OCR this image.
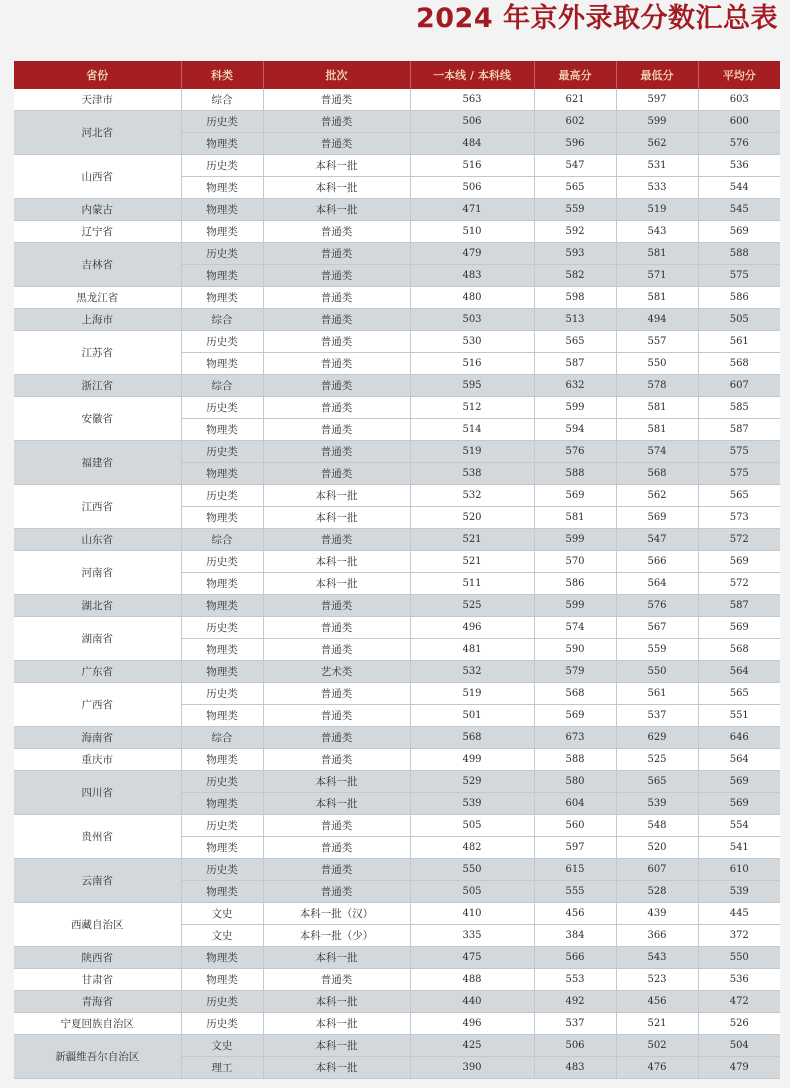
2024 年京外录取分数汇总表
省份	科类	批次	一本线 / 本科线	最高分	最低分	平均分
天津市	综合	普通类	563	621	597	603
河北省	历史类	普通类	506	602	599	600
	物理类	普通类	484	596	562	576
山西省	历史类	本科一批	516	547	531	536
	物理类	本科一批	506	565	533	544
内蒙古	物理类	本科一批	471	559	519	545
辽宁省	物理类	普通类	510	592	543	569
吉林省	历史类	普通类	479	593	581	588
	物理类	普通类	483	582	571	575
黑龙江省	物理类	普通类	480	598	581	586
上海市	综合	普通类	503	513	494	505
江苏省	历史类	普通类	530	565	557	561
	物理类	普通类	516	587	550	568
浙江省	综合	普通类	595	632	578	607
安徽省	历史类	普通类	512	599	581	585
	物理类	普通类	514	594	581	587
福建省	历史类	普通类	519	576	574	575
	物理类	普通类	538	588	568	575
江西省	历史类	本科一批	532	569	562	565
	物理类	本科一批	520	581	569	573
山东省	综合	普通类	521	599	547	572
河南省	历史类	本科一批	521	570	566	569
	物理类	本科一批	511	586	564	572
湖北省	物理类	普通类	525	599	576	587
湖南省	历史类	普通类	496	574	567	569
	物理类	普通类	481	590	559	568
广东省	物理类	艺术类	532	579	550	564
广西省	历史类	普通类	519	568	561	565
	物理类	普通类	501	569	537	551
海南省	综合	普通类	568	673	629	646
重庆市	物理类	普通类	499	588	525	564
四川省	历史类	本科一批	529	580	565	569
	物理类	本科一批	539	604	539	569
贵州省	历史类	普通类	505	560	548	554
	物理类	普通类	482	597	520	541
云南省	历史类	普通类	550	615	607	610
	物理类	普通类	505	555	528	539
西藏自治区	文史	本科一批（汉）	410	456	439	445
	文史	本科一批（少）	335	384	366	372
陕西省	物理类	本科一批	475	566	543	550
甘肃省	物理类	普通类	488	553	523	536
青海省	历史类	本科一批	440	492	456	472
宁夏回族自治区	历史类	本科一批	496	537	521	526
新疆维吾尔自治区	文史	本科一批	425	506	502	504
	理工	本科一批	390	483	476	479
